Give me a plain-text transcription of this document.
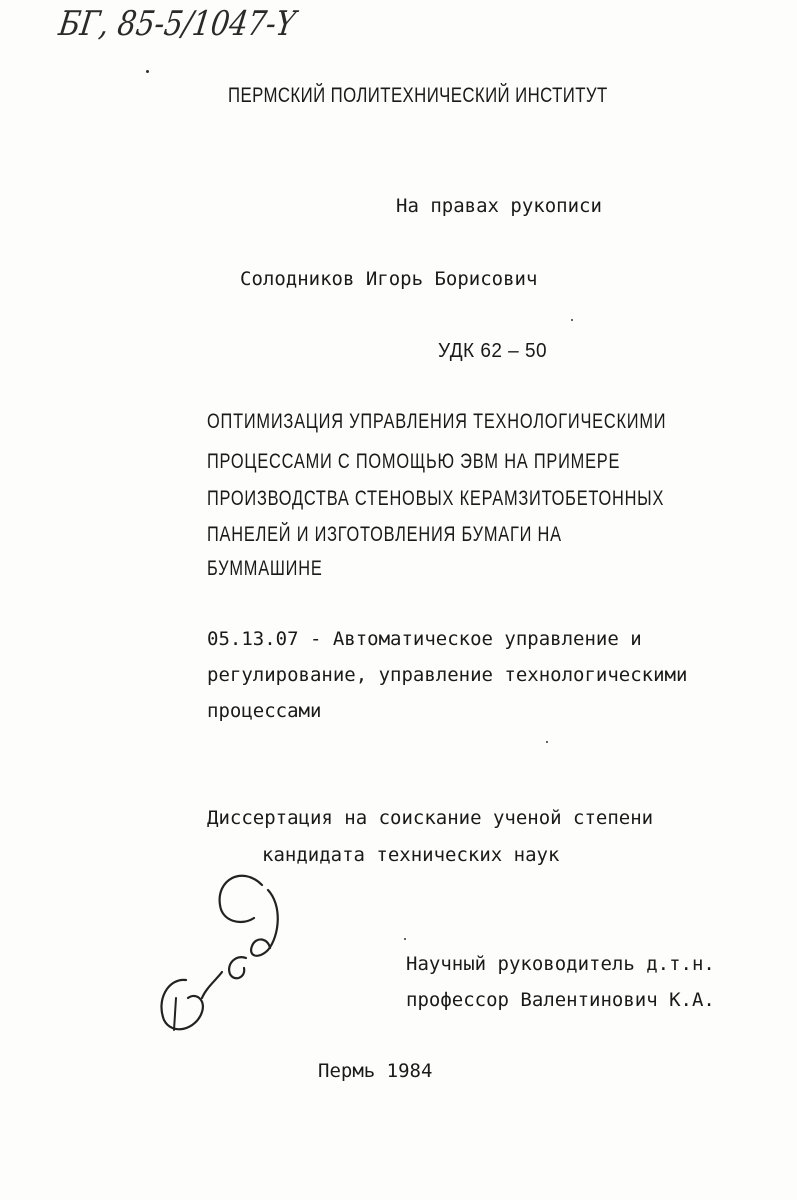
БГ, 85-5/1047-Y
ПЕРМСКИЙ ПОЛИТЕХНИЧЕСКИЙ ИНСТИТУТ
На правах рукописи
Солодников Игорь Борисович
УДК 62 – 50
ОПТИМИЗАЦИЯ УПРАВЛЕНИЯ ТЕХНОЛОГИЧЕСКИМИ
ПРОЦЕССАМИ С ПОМОЩЬЮ ЭВМ НА ПРИМЕРЕ
ПРОИЗВОДСТВА СТЕНОВЫХ КЕРАМЗИТОБЕТОННЫХ
ПАНЕЛЕЙ И ИЗГОТОВЛЕНИЯ БУМАГИ НА
БУММАШИНЕ
05.13.07 - Автоматическое управление и
регулирование, управление технологическими
процессами
Диссертация на соискание ученой степени
кандидата технических наук
Научный руководитель д.т.н.
профессор Валентинович К.А.
Пермь 1984
